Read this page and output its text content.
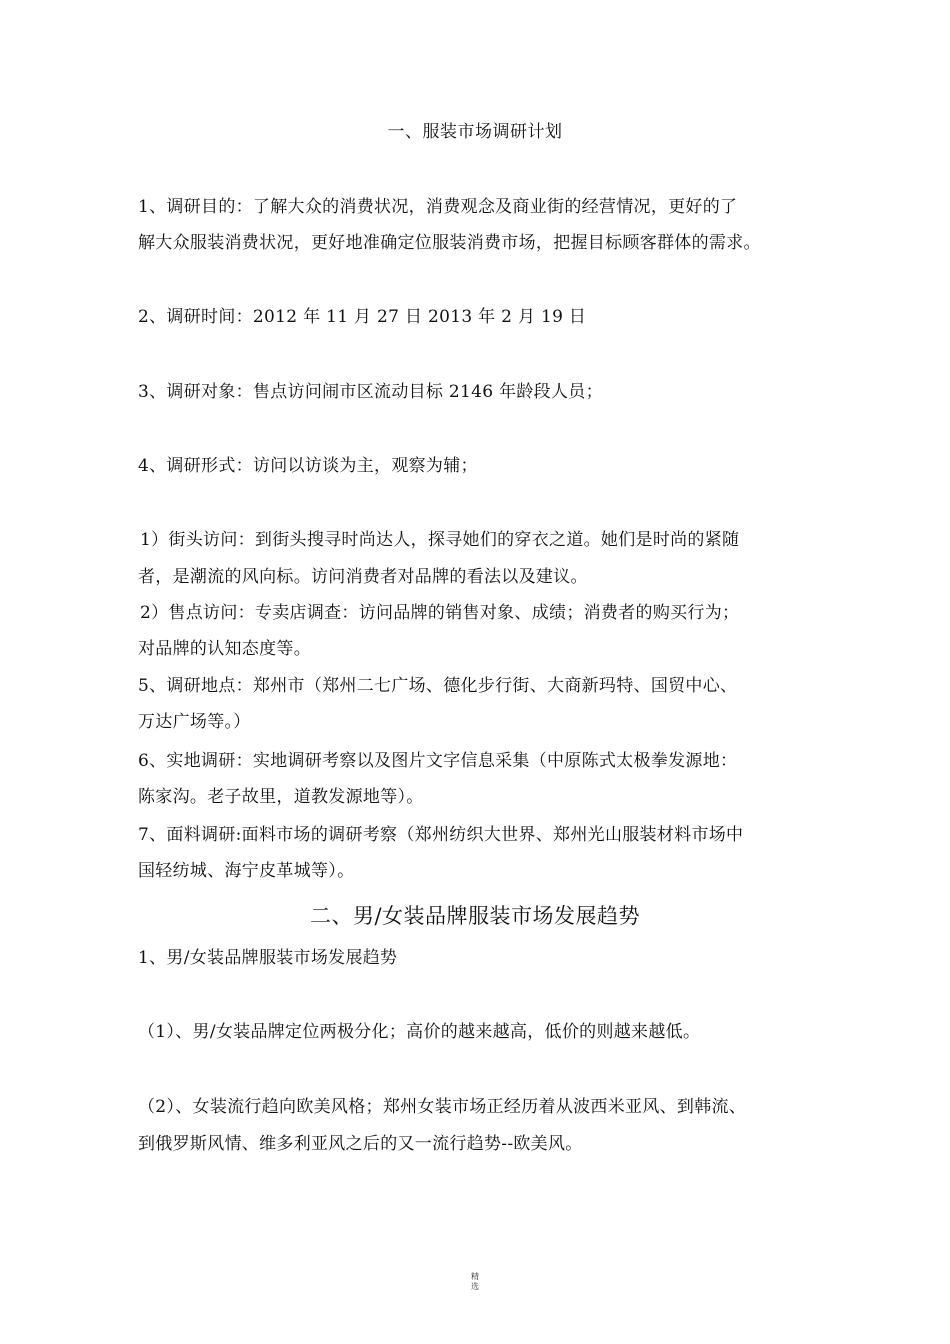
一、服装市场调研计划
1、调研目的：了解大众的消费状况，消费观念及商业街的经营情况，更好的了
解大众服装消费状况，更好地准确定位服装消费市场，把握目标顾客群体的需求。
2、调研时间：2012 年 11 月 27 日 2013 年 2 月 19 日
3、调研对象：售点访问闹市区流动目标 2146 年龄段人员；
4、调研形式：访问以访谈为主，观察为辅；
1）街头访问：到街头搜寻时尚达人，探寻她们的穿衣之道。她们是时尚的紧随
者，是潮流的风向标。访问消费者对品牌的看法以及建议。
2）售点访问：专卖店调查：访问品牌的销售对象、成绩；消费者的购买行为；
对品牌的认知态度等。
5、调研地点：郑州市（郑州二七广场、德化步行街、大商新玛特、国贸中心、
万达广场等。）
6、实地调研：实地调研考察以及图片文字信息采集（中原陈式太极拳发源地：
陈家沟。老子故里，道教发源地等）。
7、面料调研:面料市场的调研考察（郑州纺织大世界、郑州光山服装材料市场中
国轻纺城、海宁皮革城等）。
二、男/女装品牌服装市场发展趋势
1、男/女装品牌服装市场发展趋势
（1）、男/女装品牌定位两极分化；高价的越来越高，低价的则越来越低。
（2）、女装流行趋向欧美风格；郑州女装市场正经历着从波西米亚风、到韩流、
到俄罗斯风情、维多利亚风之后的又一流行趋势--欧美风。
精
选
